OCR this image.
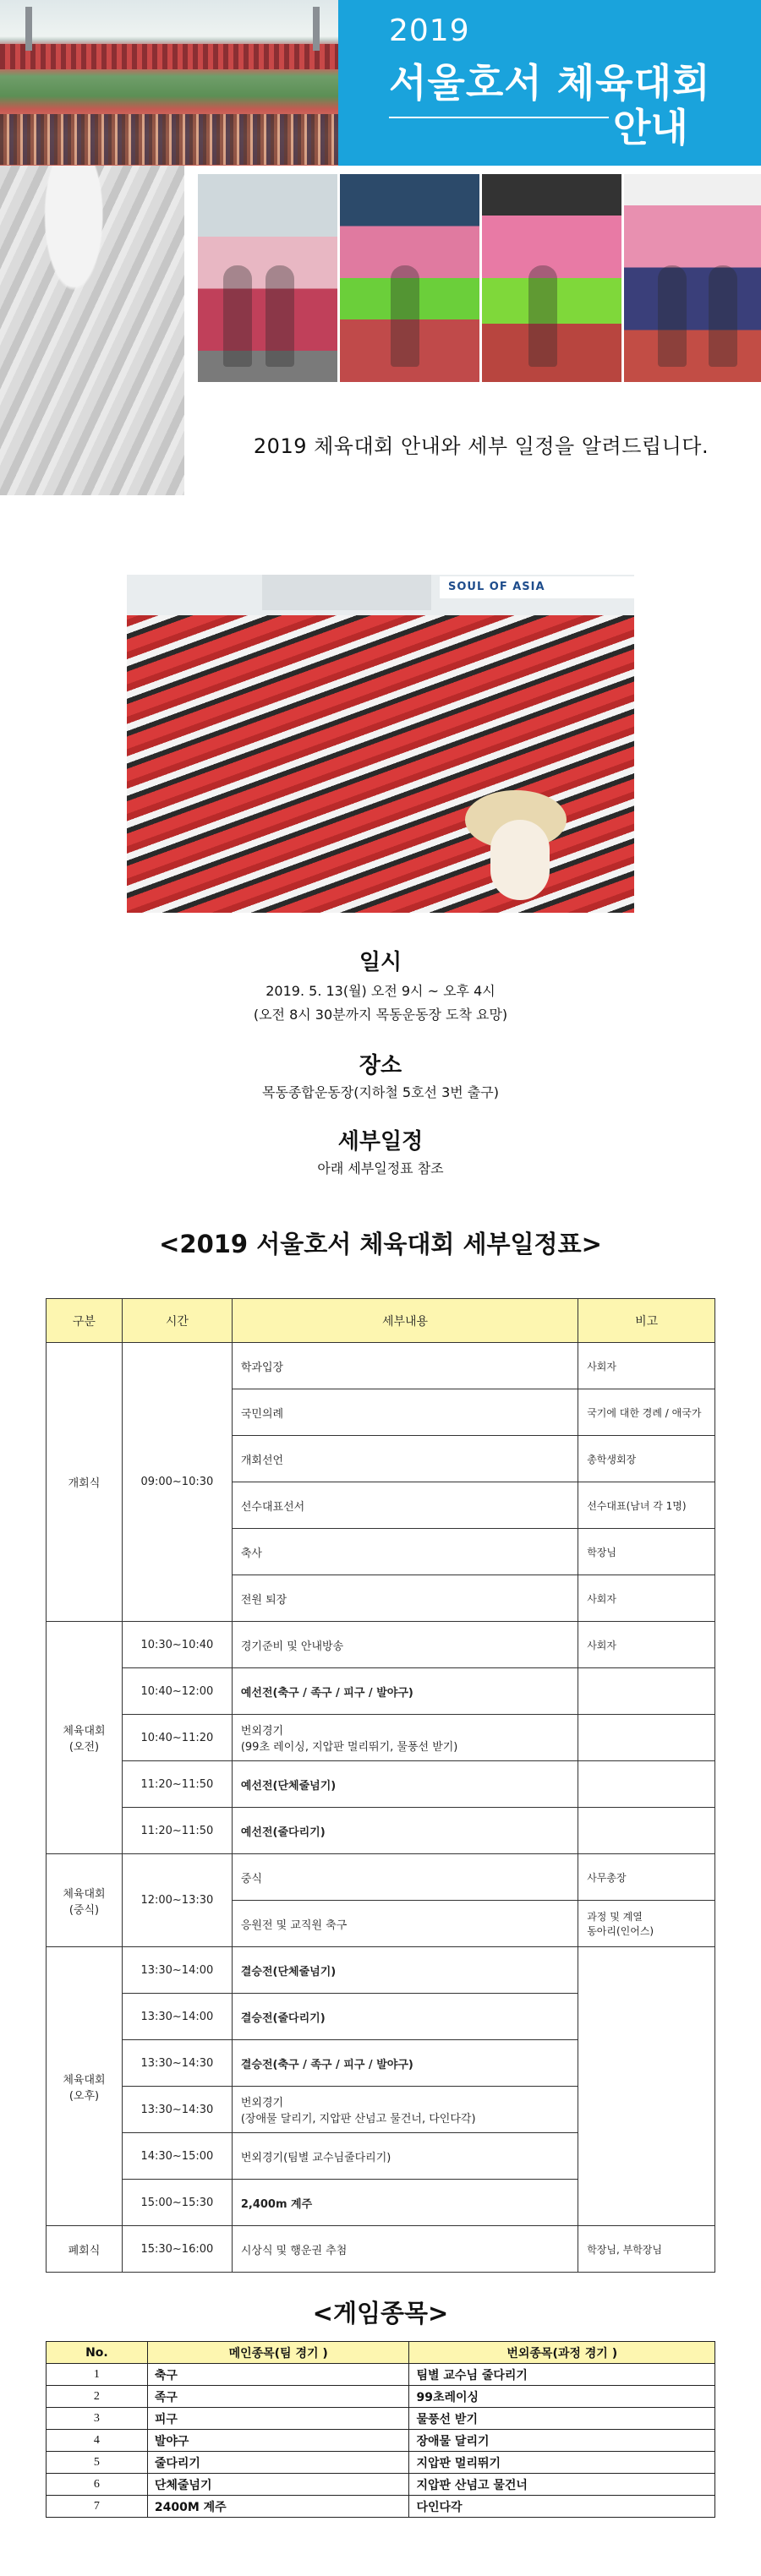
2019
서울호서 체육대회
안내
2019 체육대회 안내와 세부 일정을 알려드립니다.
SOUL OF ASIA
일시
2019. 5. 13(월) 오전 9시 ~ 오후 4시
(오전 8시 30분까지 목동운동장 도착 요망)
장소
목동종합운동장(지하철 5호선 3번 출구)
세부일정
아래 세부일정표 참조
<2019 서울호서 체육대회 세부일정표>
구분	시간	세부내용	비고
개회식	09:00~10:30	학과입장	사회자
		국민의례	국기에 대한 경례 / 애국가
		개회선언	총학생회장
		선수대표선서	선수대표(남녀 각 1명)
		축사	학장님
		전원 퇴장	사회자
체육대회 (오전)	10:30~10:40	경기준비 및 안내방송	사회자
	10:40~12:00	예선전(축구 / 족구 / 피구 / 발야구)	
	10:40~11:20	번외경기
(99초 레이싱, 지압판 멀리뛰기, 물풍선 받기)	

	11:20~11:50	예선전(단체줄넘기)	
	11:20~11:50	예선전(줄다리기)	
체육대회 (중식)	12:00~13:30	중식	사무총장
		응원전 및 교직원 축구	과정 및 계열
동아리(인어스)

체육대회 (오후)	13:30~14:00	결승전(단체줄넘기)	
	13:30~14:00	결승전(줄다리기)	
	13:30~14:30	결승전(축구 / 족구 / 피구 / 발야구)	
	13:30~14:30	번외경기
(장애물 달리기, 지압판 산넘고 물건너, 다인다각)	

	14:30~15:00	번외경기(팀별 교수님줄다리기)	
	15:00~15:30	2,400m 계주	
폐회식	15:30~16:00	시상식 및 행운권 추첨	학장님, 부학장님
<게임종목>
No.	메인종목(팀 경기 )	번외종목(과정 경기 )
1	축구	팀별 교수님 줄다리기
2	족구	99초레이싱
3	피구	물풍선 받기
4	발야구	장애물 달리기
5	줄다리기	지압판 멀리뛰기
6	단체줄넘기	지압판 산넘고 물건너
7	2400M 계주	다인다각
